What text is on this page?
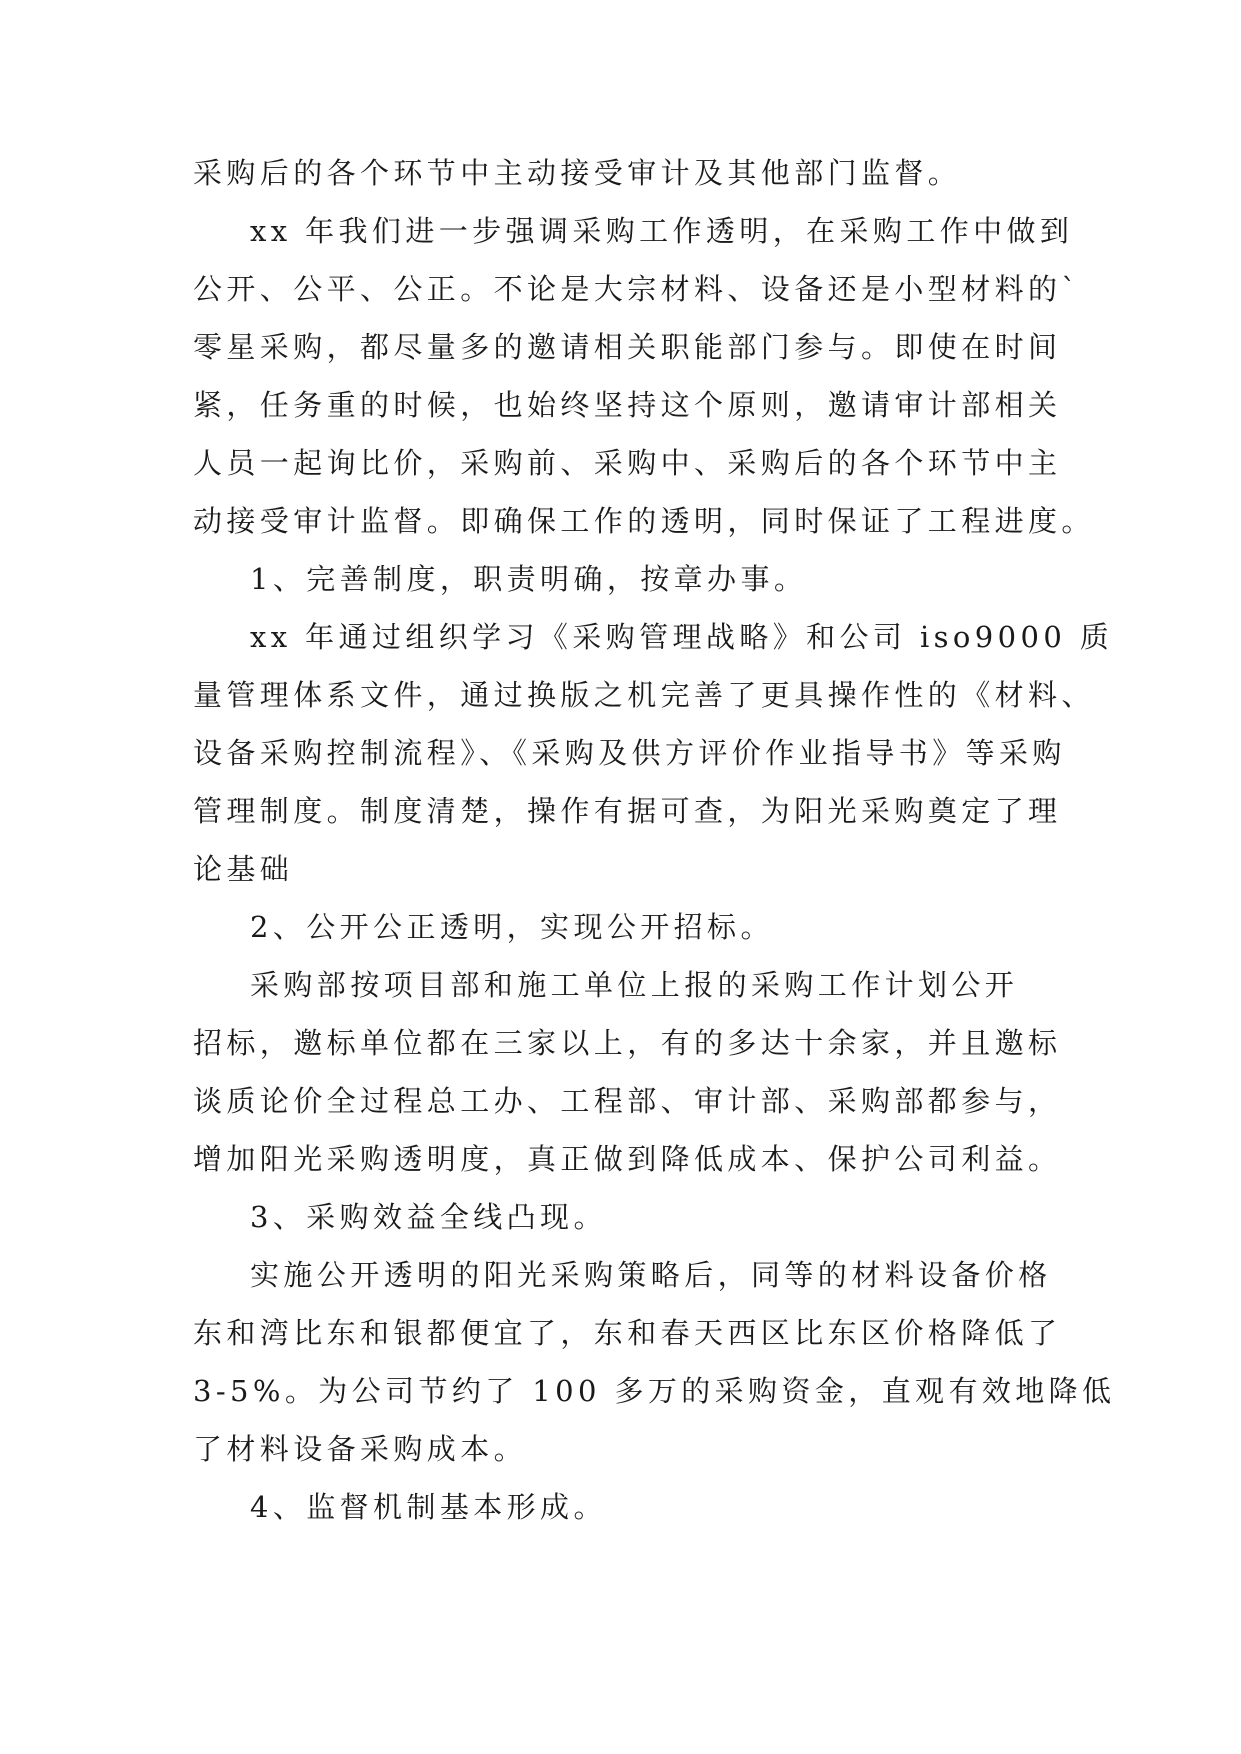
采购后的各个环节中主动接受审计及其他部门监督。
xx 年我们进一步强调采购工作透明，在采购工作中做到
公开、公平、公正。不论是大宗材料、设备还是小型材料的`
零星采购，都尽量多的邀请相关职能部门参与。即使在时间
紧，任务重的时候，也始终坚持这个原则，邀请审计部相关
人员一起询比价，采购前、采购中、采购后的各个环节中主
动接受审计监督。即确保工作的透明，同时保证了工程进度。
1、完善制度，职责明确，按章办事。
xx 年通过组织学习《采购管理战略》和公司 iso9000 质
量管理体系文件，通过换版之机完善了更具操作性的《材料、
设备采购控制流程》、《采购及供方评价作业指导书》等采购
管理制度。制度清楚，操作有据可查，为阳光采购奠定了理
论基础
2、公开公正透明，实现公开招标。
采购部按项目部和施工单位上报的采购工作计划公开
招标，邀标单位都在三家以上，有的多达十余家，并且邀标
谈质论价全过程总工办、工程部、审计部、采购部都参与，
增加阳光采购透明度，真正做到降低成本、保护公司利益。
3、采购效益全线凸现。
实施公开透明的阳光采购策略后，同等的材料设备价格
东和湾比东和银都便宜了，东和春天西区比东区价格降低了
3-5%。为公司节约了 100 多万的采购资金，直观有效地降低
了材料设备采购成本。
4、监督机制基本形成。
